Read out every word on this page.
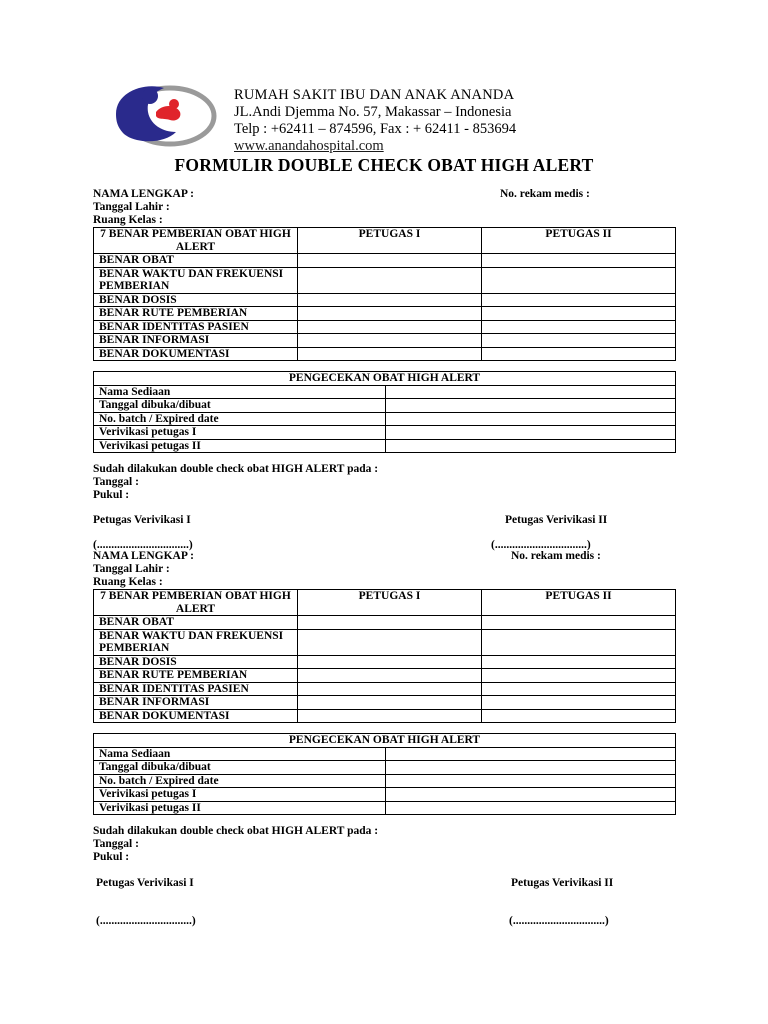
RUMAH SAKIT IBU DAN ANAK ANANDA
JL.Andi Djemma No. 57, Makassar – Indonesia
Telp : +62411 – 874596, Fax : + 62411 - 853694
www.anandahospital.com
FORMULIR DOUBLE CHECK OBAT HIGH ALERT
NAMA LENGKAP :
Tanggal Lahir :
Ruang Kelas :
No. rekam medis :
7 BENAR PEMBERIAN OBAT HIGH ALERT	PETUGAS I	PETUGAS II
BENAR OBAT		
BENAR WAKTU DAN FREKUENSI PEMBERIAN		
BENAR DOSIS		
BENAR RUTE PEMBERIAN		
BENAR IDENTITAS PASIEN		
BENAR INFORMASI		
BENAR DOKUMENTASI		
PENGECEKAN OBAT HIGH ALERT	
Nama Sediaan	
Tanggal dibuka/dibuat	
No. batch / Expired date	
Verivikasi petugas I	
Verivikasi petugas II	
Sudah dilakukan double check obat HIGH ALERT pada :
Tanggal :
Pukul :
Petugas Verivikasi I	Petugas Verivikasi II
(................................)	(................................)
NAMA LENGKAP :
Tanggal Lahir :
Ruang Kelas :
No. rekam medis :
7 BENAR PEMBERIAN OBAT HIGH ALERT	PETUGAS I	PETUGAS II
BENAR OBAT		
BENAR WAKTU DAN FREKUENSI PEMBERIAN		
BENAR DOSIS		
BENAR RUTE PEMBERIAN		
BENAR IDENTITAS PASIEN		
BENAR INFORMASI		
BENAR DOKUMENTASI		
PENGECEKAN OBAT HIGH ALERT	
Nama Sediaan	
Tanggal dibuka/dibuat	
No. batch / Expired date	
Verivikasi petugas I	
Verivikasi petugas II	
Sudah dilakukan double check obat HIGH ALERT pada :
Tanggal :
Pukul :
Petugas Verivikasi I	Petugas Verivikasi II
(................................)	(................................)
